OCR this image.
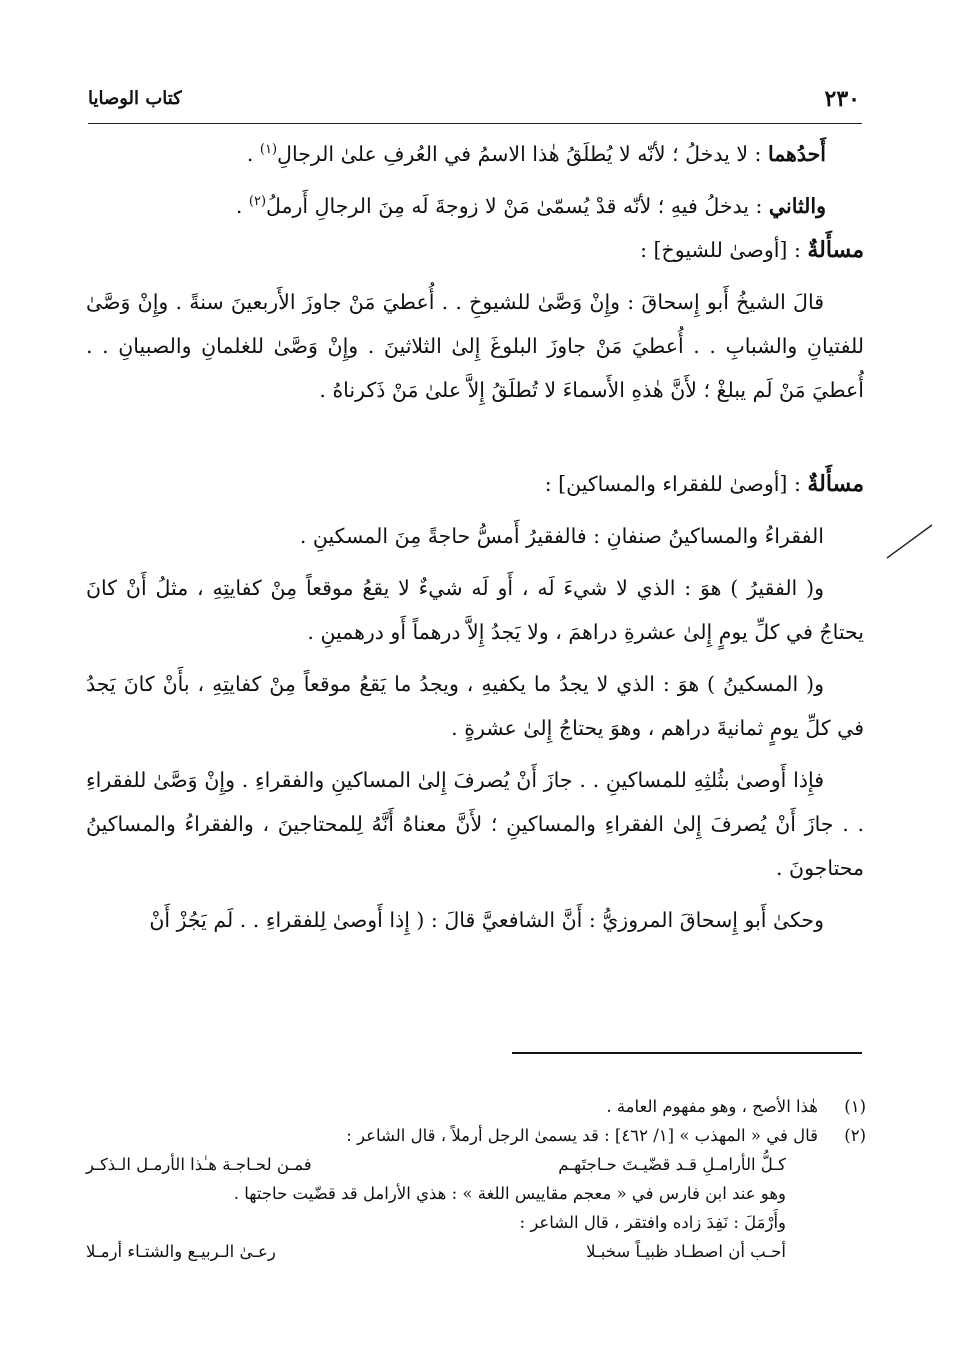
٢٣٠
كتاب الوصايا

أَحدُهما : لا يدخلُ ؛ لأنّه لا يُطلَقُ هٰذا الاسمُ في العُرفِ علىٰ الرجالِ$^{(١)}$ .

والثاني : يدخلُ فيهِ ؛ لأنّه قدْ يُسمّىٰ مَنْ لا زوجةَ لَه مِنَ الرجالِ أَرملُ$^{(٢)}$ .

مسأَلةٌ : [أوصىٰ للشيوخ] :

قالَ الشيخُ أَبو إِسحاقَ : وإِنْ وَصَّىٰ للشيوخِ . . أُعطيَ مَنْ جاوزَ الأَربعينَ سنةً . وإِنْ وَصَّىٰ للفتيانِ والشبابِ . . أُعطيَ مَنْ جاوزَ البلوغَ إِلىٰ الثلاثينَ . وإِنْ وَصَّىٰ للغلمانِ والصبيانِ . . أُعطيَ مَنْ لَم يبلغْ ؛ لأَنَّ هٰذهِ الأَسماءَ لا تُطلَقُ إِلاَّ علىٰ مَنْ ذَكرناهُ .

مسأَلةٌ : [أوصىٰ للفقراء والمساكين] :

الفقراءُ والمساكينُ صنفانِ : فالفقيرُ أَمسُّ حاجةً مِنَ المسكينِ .

و( الفقيرُ ) هوَ : الذي لا شيءَ لَه ، أَو لَه شيءٌ لا يقعُ موقعاً مِنْ كفايتِهِ ، مثلُ أَنْ كانَ يحتاجُ في كلِّ يومٍ إِلىٰ عشرةِ دراهمَ ، ولا يَجدُ إِلاَّ درهماً أَو درهمينِ .

و( المسكينُ ) هوَ : الذي لا يجدُ ما يكفيهِ ، ويجدُ ما يَقعُ موقعاً مِنْ كفايتِهِ ، بأَنْ كانَ يَجدُ في كلِّ يومٍ ثمانيةَ دراهم ، وهوَ يحتاجُ إِلىٰ عشرةٍ .

فإِذا أَوصىٰ بثُلثِهِ للمساكينِ . . جازَ أَنْ يُصرفَ إِلىٰ المساكينِ والفقراءِ . وإِنْ وَصَّىٰ للفقراءِ . . جازَ أَنْ يُصرفَ إِلىٰ الفقراءِ والمساكينِ ؛ لأَنَّ معناهُ أَنَّهُ لِلمحتاجينَ ، والفقراءُ والمساكينُ محتاجونَ .

وحكىٰ أَبو إِسحاقَ المروزيُّ : أَنَّ الشافعيَّ قالَ : ( إِذا أَوصىٰ لِلفقراءِ . . لَم يَجُزْ أَنْ

(١)
هٰذا الأصح ، وهو مفهوم العامة .
(٢)
قال في « المهذب » [١/ ٤٦٢] : قد يسمىٰ الرجل أرملاً ، قال الشاعر :
كـلُّ الأرامـلِ قـد قضّيـتَ حـاجتَهـم
فمـن لحـاجـة هـٰذا الأرمـل الـذكـر
وهو عند ابن فارس في « معجم مقاييس اللغة » : هذي الأرامل قد قضّيت حاجتها .
وأَرْمَلَ : نَفِدَ زاده وافتقر ، قال الشاعر :
أحـب أن اصطـاد ظبيـاً سخبـلا
رعـىٰ الـربيـع والشتـاء أرمـلا
